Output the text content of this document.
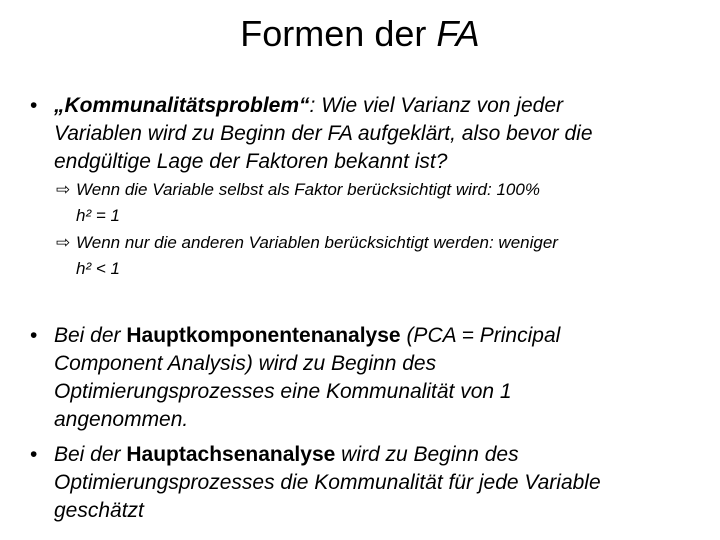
Formen der FA
• „Kommunalitätsproblem“: Wie viel Varianz von jeder
Variablen wird zu Beginn der FA aufgeklärt, also bevor die
endgültige Lage der Faktoren bekannt ist?
⇨ Wenn die Variable selbst als Faktor berücksichtigt wird: 100%
h² = 1
⇨ Wenn nur die anderen Variablen berücksichtigt werden: weniger
h² < 1
• Bei der Hauptkomponentenanalyse (PCA = Principal
Component Analysis) wird zu Beginn des
Optimierungsprozesses eine Kommunalität von 1
angenommen.
• Bei der Hauptachsenanalyse wird zu Beginn des
Optimierungsprozesses die Kommunalität für jede Variable
geschätzt
